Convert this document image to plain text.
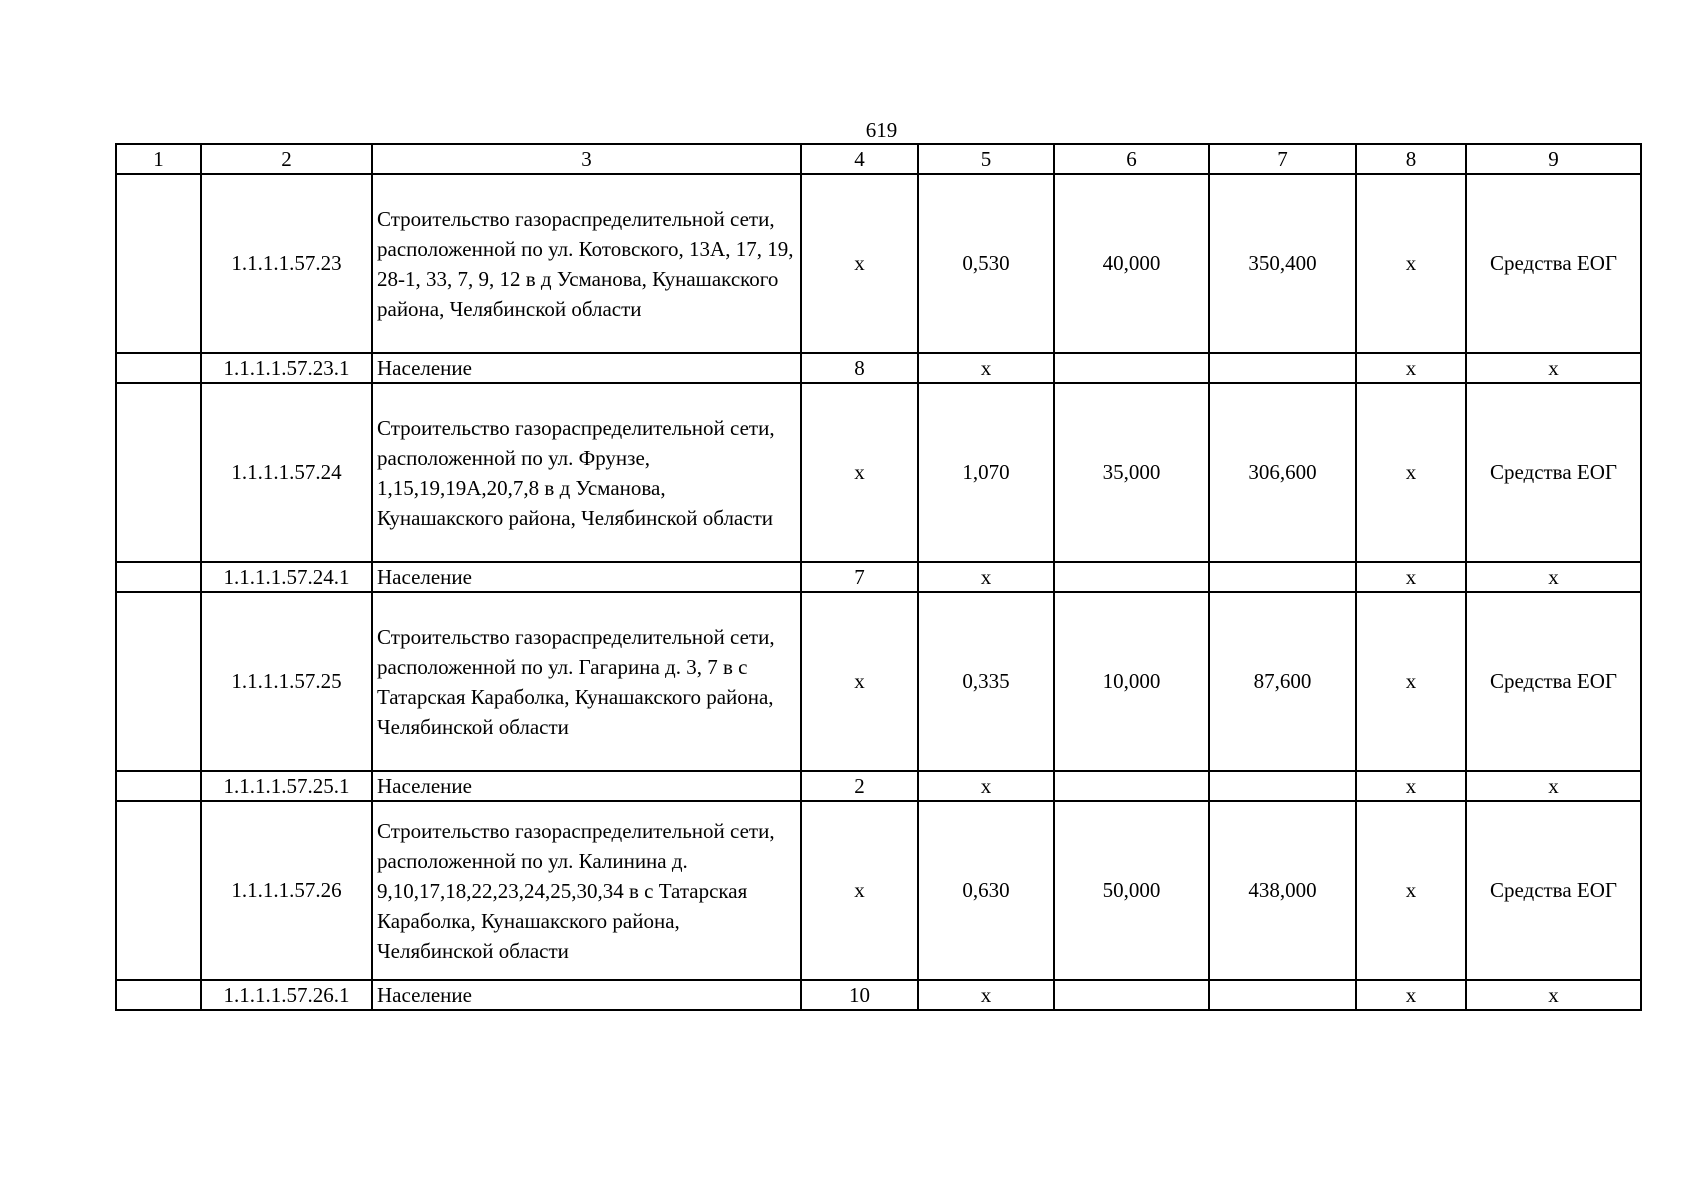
619
1	2	3	4	5	6	7	8	9
	1.1.1.1.57.23	Строительство газораспределительной сети, расположенной по ул. Котовского, 13А, 17, 19, 28-1, 33, 7, 9, 12 в д Усманова, Кунашакского района, Челябинской области	х	0,530	40,000	350,400	х	Средства ЕОГ
	1.1.1.1.57.23.1	Население	8	х			х	х
	1.1.1.1.57.24	Строительство газораспределительной сети, расположенной по ул. Фрунзе, 1,15,19,19А,20,7,8 в д Усманова, Кунашакского района, Челябинской области	х	1,070	35,000	306,600	х	Средства ЕОГ
	1.1.1.1.57.24.1	Население	7	х			х	х
	1.1.1.1.57.25	Строительство газораспределительной сети, расположенной по ул. Гагарина д. 3, 7 в с Татарская Караболка, Кунашакского района, Челябинской области	х	0,335	10,000	87,600	х	Средства ЕОГ
	1.1.1.1.57.25.1	Население	2	х			х	х
	1.1.1.1.57.26	Строительство газораспределительной сети, расположенной по ул. Калинина д. 9,10,17,18,22,23,24,25,30,34 в с Татарская Караболка, Кунашакского района, Челябинской области	х	0,630	50,000	438,000	х	Средства ЕОГ
	1.1.1.1.57.26.1	Население	10	х			х	х
